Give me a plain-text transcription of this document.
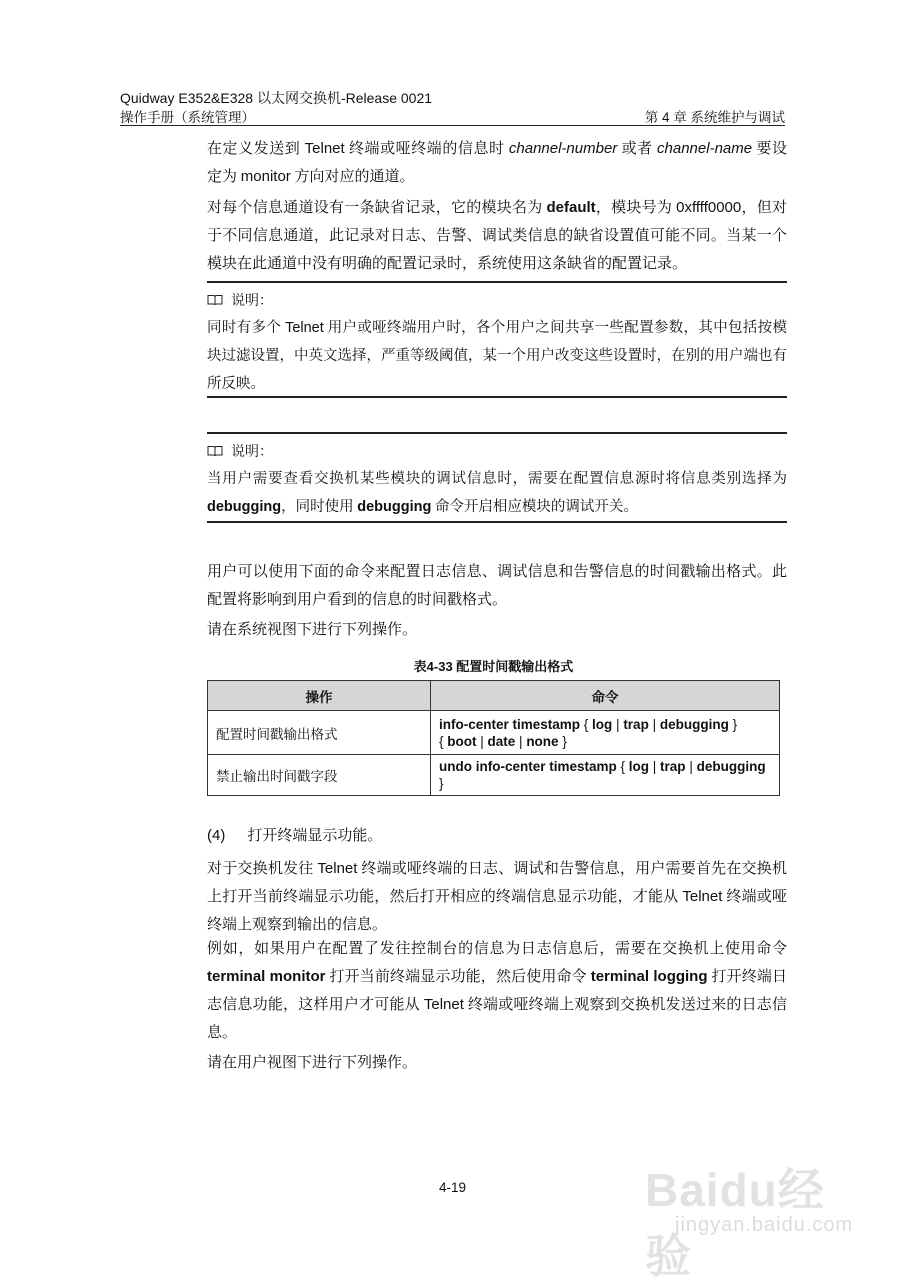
Quidway E352&E328 以太网交换机-Release 0021
操作手册（系统管理）	第 4 章 系统维护与调试

在定义发送到 Telnet 终端或哑终端的信息时 channel-number 或者 channel-name 要设定为 monitor 方向对应的通道。

对每个信息通道设有一条缺省记录，它的模块名为 default，模块号为 0xffff0000，但对于不同信息通道，此记录对日志、告警、调试类信息的缺省设置值可能不同。当某一个模块在此通道中没有明确的配置记录时，系统使用这条缺省的配置记录。

说明：

同时有多个 Telnet 用户或哑终端用户时，各个用户之间共享一些配置参数，其中包括按模块过滤设置，中英文选择，严重等级阈值，某一个用户改变这些设置时，在别的用户端也有所反映。

说明：

当用户需要查看交换机某些模块的调试信息时，需要在配置信息源时将信息类别选择为 debugging，同时使用 debugging 命令开启相应模块的调试开关。

用户可以使用下面的命令来配置日志信息、调试信息和告警信息的时间戳输出格式。此配置将影响到用户看到的信息的时间戳格式。

请在系统视图下进行下列操作。

表4-33 配置时间戳输出格式
操作	命令
配置时间戳输出格式	info-center timestamp { log | trap | debugging }
{ boot | date | none }
禁止输出时间戳字段	undo info-center timestamp { log | trap | debugging }

(4) 打开终端显示功能。

对于交换机发往 Telnet 终端或哑终端的日志、调试和告警信息，用户需要首先在交换机上打开当前终端显示功能，然后打开相应的终端信息显示功能，才能从 Telnet 终端或哑终端上观察到输出的信息。

例如，如果用户在配置了发往控制台的信息为日志信息后，需要在交换机上使用命令 terminal monitor 打开当前终端显示功能，然后使用命令 terminal logging 打开终端日志信息功能，这样用户才可能从 Telnet 终端或哑终端上观察到交换机发送过来的日志信息。

请在用户视图下进行下列操作。

4-19	Baidu经验
jingyan.baidu.com
